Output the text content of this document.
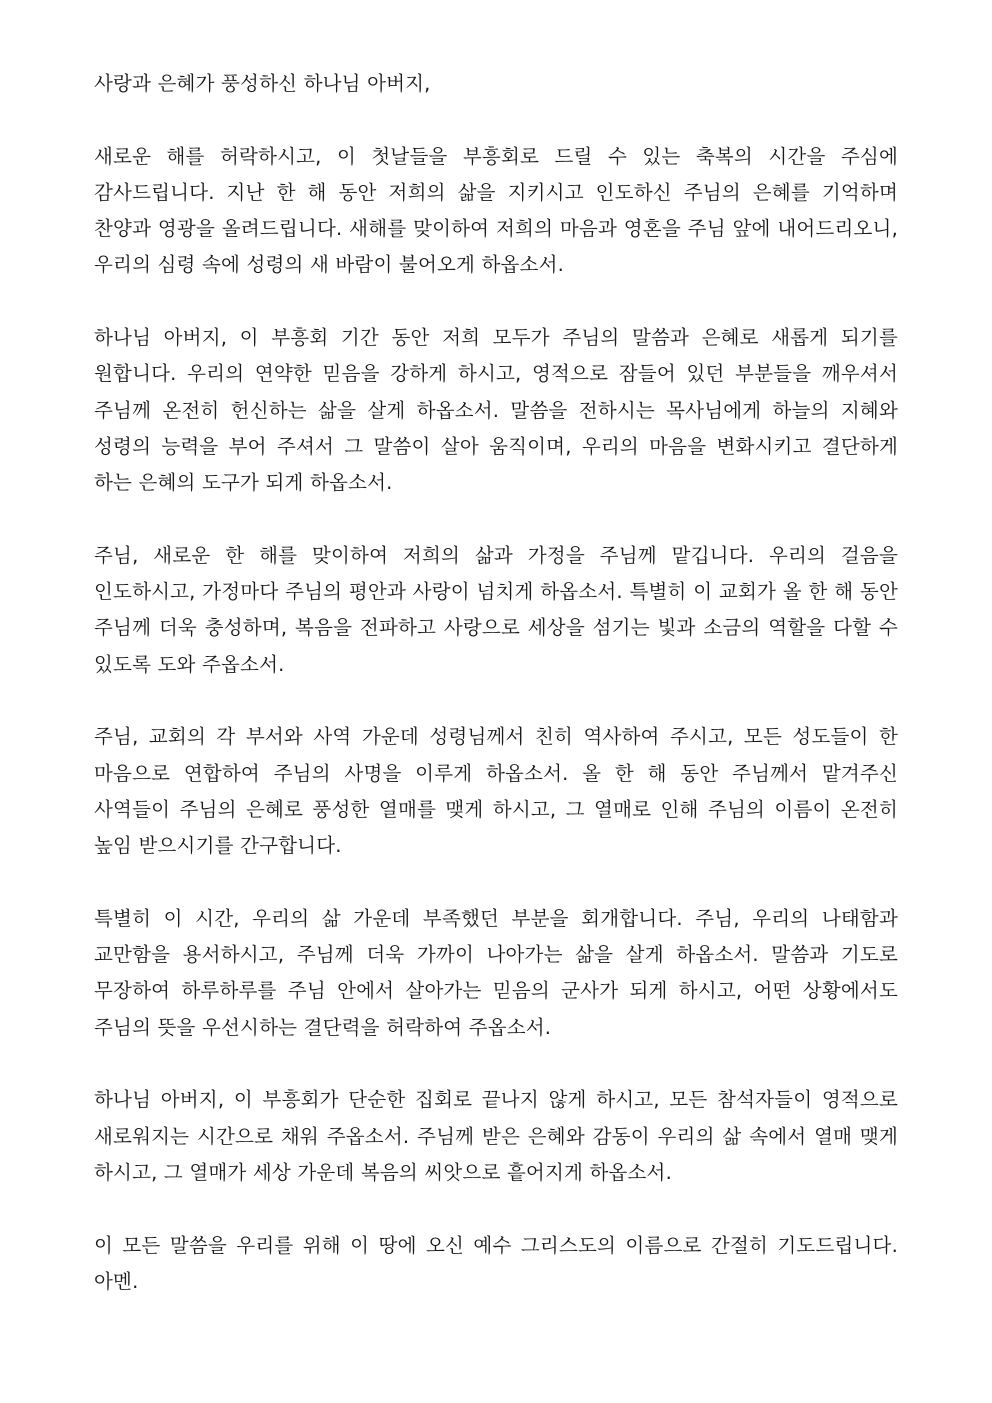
사랑과 은혜가 풍성하신 하나님 아버지,

새로운 해를 허락하시고, 이 첫날들을 부흥회로 드릴 수 있는 축복의 시간을 주심에 감사드립니다. 지난 한 해 동안 저희의 삶을 지키시고 인도하신 주님의 은혜를 기억하며 찬양과 영광을 올려드립니다. 새해를 맞이하여 저희의 마음과 영혼을 주님 앞에 내어드리오니, 우리의 심령 속에 성령의 새 바람이 불어오게 하옵소서.

하나님 아버지, 이 부흥회 기간 동안 저희 모두가 주님의 말씀과 은혜로 새롭게 되기를 원합니다. 우리의 연약한 믿음을 강하게 하시고, 영적으로 잠들어 있던 부분들을 깨우셔서 주님께 온전히 헌신하는 삶을 살게 하옵소서. 말씀을 전하시는 목사님에게 하늘의 지혜와 성령의 능력을 부어 주셔서 그 말씀이 살아 움직이며, 우리의 마음을 변화시키고 결단하게 하는 은혜의 도구가 되게 하옵소서.

주님, 새로운 한 해를 맞이하여 저희의 삶과 가정을 주님께 맡깁니다. 우리의 걸음을 인도하시고, 가정마다 주님의 평안과 사랑이 넘치게 하옵소서. 특별히 이 교회가 올 한 해 동안 주님께 더욱 충성하며, 복음을 전파하고 사랑으로 세상을 섬기는 빛과 소금의 역할을 다할 수 있도록 도와 주옵소서.

주님, 교회의 각 부서와 사역 가운데 성령님께서 친히 역사하여 주시고, 모든 성도들이 한 마음으로 연합하여 주님의 사명을 이루게 하옵소서. 올 한 해 동안 주님께서 맡겨주신 사역들이 주님의 은혜로 풍성한 열매를 맺게 하시고, 그 열매로 인해 주님의 이름이 온전히 높임 받으시기를 간구합니다.

특별히 이 시간, 우리의 삶 가운데 부족했던 부분을 회개합니다. 주님, 우리의 나태함과 교만함을 용서하시고, 주님께 더욱 가까이 나아가는 삶을 살게 하옵소서. 말씀과 기도로 무장하여 하루하루를 주님 안에서 살아가는 믿음의 군사가 되게 하시고, 어떤 상황에서도 주님의 뜻을 우선시하는 결단력을 허락하여 주옵소서.

하나님 아버지, 이 부흥회가 단순한 집회로 끝나지 않게 하시고, 모든 참석자들이 영적으로 새로워지는 시간으로 채워 주옵소서. 주님께 받은 은혜와 감동이 우리의 삶 속에서 열매 맺게 하시고, 그 열매가 세상 가운데 복음의 씨앗으로 흩어지게 하옵소서.

이 모든 말씀을 우리를 위해 이 땅에 오신 예수 그리스도의 이름으로 간절히 기도드립니다. 아멘.
